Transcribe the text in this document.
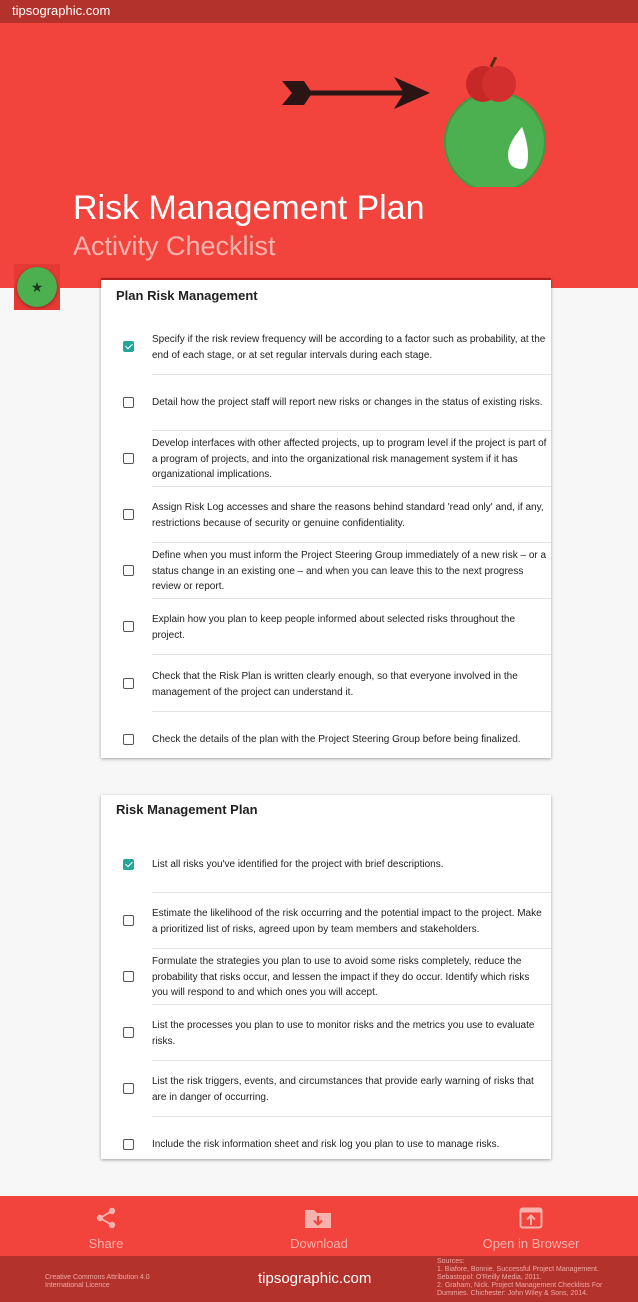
tipsographic.com
Risk Management Plan
Activity Checklist
★
Plan Risk Management
Specify if the risk review frequency will be according to a factor such as probability, at the end of each stage, or at set regular intervals during each stage.
Detail how the project staff will report new risks or changes in the status of existing risks.
Develop interfaces with other affected projects, up to program level if the project is part of a program of projects, and into the organizational risk management system if it has organizational implications.
Assign Risk Log accesses and share the reasons behind standard 'read only' and, if any, restrictions because of security or genuine confidentiality.
Define when you must inform the Project Steering Group immediately of a new risk – or a status change in an existing one – and when you can leave this to the next progress review or report.
Explain how you plan to keep people informed about selected risks throughout the project.
Check that the Risk Plan is written clearly enough, so that everyone involved in the management of the project can understand it.
Check the details of the plan with the Project Steering Group before being finalized.
Risk Management Plan
List all risks you've identified for the project with brief descriptions.
Estimate the likelihood of the risk occurring and the potential impact to the project. Make a prioritized list of risks, agreed upon by team members and stakeholders.
Formulate the strategies you plan to use to avoid some risks completely, reduce the probability that risks occur, and lessen the impact if they do occur. Identify which risks you will respond to and which ones you will accept.
List the processes you plan to use to monitor risks and the metrics you use to evaluate risks.
List the risk triggers, events, and circumstances that provide early warning of risks that are in danger of occurring.
Include the risk information sheet and risk log you plan to use to manage risks.
Share	Download	Open in Browser
Creative Commons Attribution 4.0
International Licence	tipsographic.com
Sources:
1. Biafore, Bonnie. Successful Project Management.
Sebastopol: O'Reilly Media, 2011.
2. Graham, Nick. Project Management Checklists For
Dummies. Chichester: John Wiley & Sons, 2014.
